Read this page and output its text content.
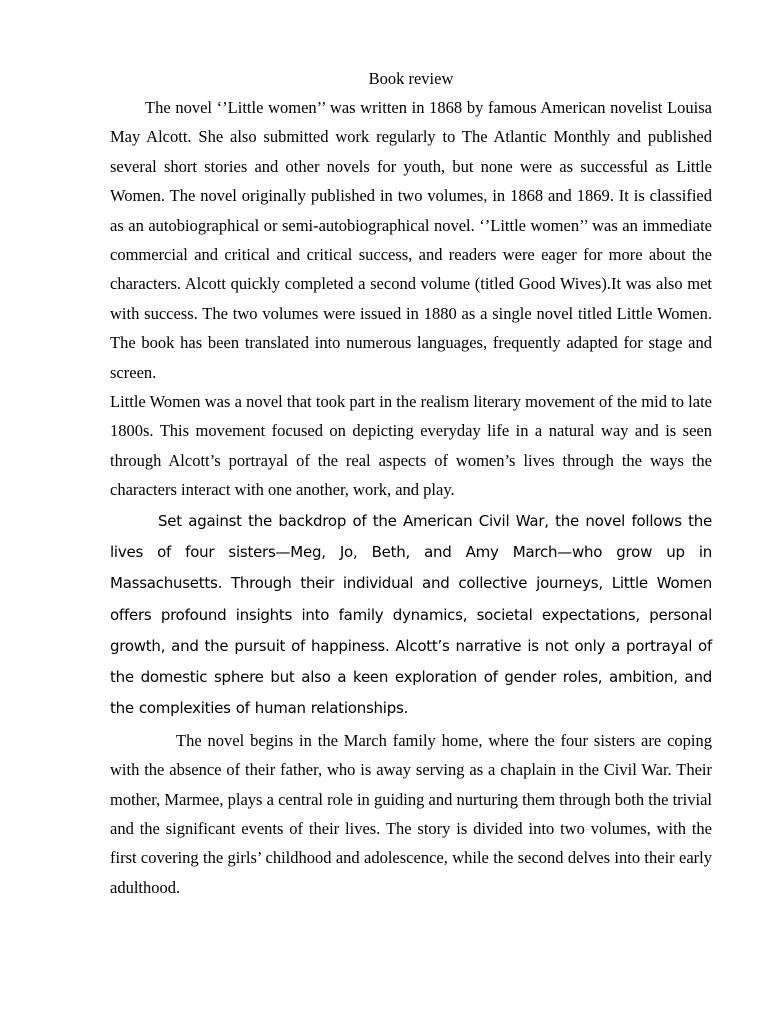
Book review

The novel ‘’Little women’’ was written in 1868 by famous American novelist Louisa May Alcott. She also submitted work regularly to The Atlantic Monthly and published several short stories and other novels for youth, but none were as successful as Little Women. The novel originally published in two volumes, in 1868 and 1869. It is classified as an autobiographical or semi-autobiographical novel. ‘’Little women’’ was an immediate commercial and critical and critical success, and readers were eager for more about the characters. Alcott quickly completed a second volume (titled Good Wives).It was also met with success. The two volumes were issued in 1880 as a single novel titled Little Women. The book has been translated into numerous languages, frequently adapted for stage and screen.

Little Women was a novel that took part in the realism literary movement of the mid to late 1800s. This movement focused on depicting everyday life in a natural way and is seen through Alcott’s portrayal of the real aspects of women’s lives through the ways the characters interact with one another, work, and play.

Set against the backdrop of the American Civil War, the novel follows the lives of four sisters—Meg, Jo, Beth, and Amy March—who grow up in Massachusetts. Through their individual and collective journeys, Little Women offers profound insights into family dynamics, societal expectations, personal growth, and the pursuit of happiness. Alcott’s narrative is not only a portrayal of the domestic sphere but also a keen exploration of gender roles, ambition, and the complexities of human relationships.

The novel begins in the March family home, where the four sisters are coping with the absence of their father, who is away serving as a chaplain in the Civil War. Their mother, Marmee, plays a central role in guiding and nurturing them through both the trivial and the significant events of their lives. The story is divided into two volumes, with the first covering the girls’ childhood and adolescence, while the second delves into their early adulthood.
